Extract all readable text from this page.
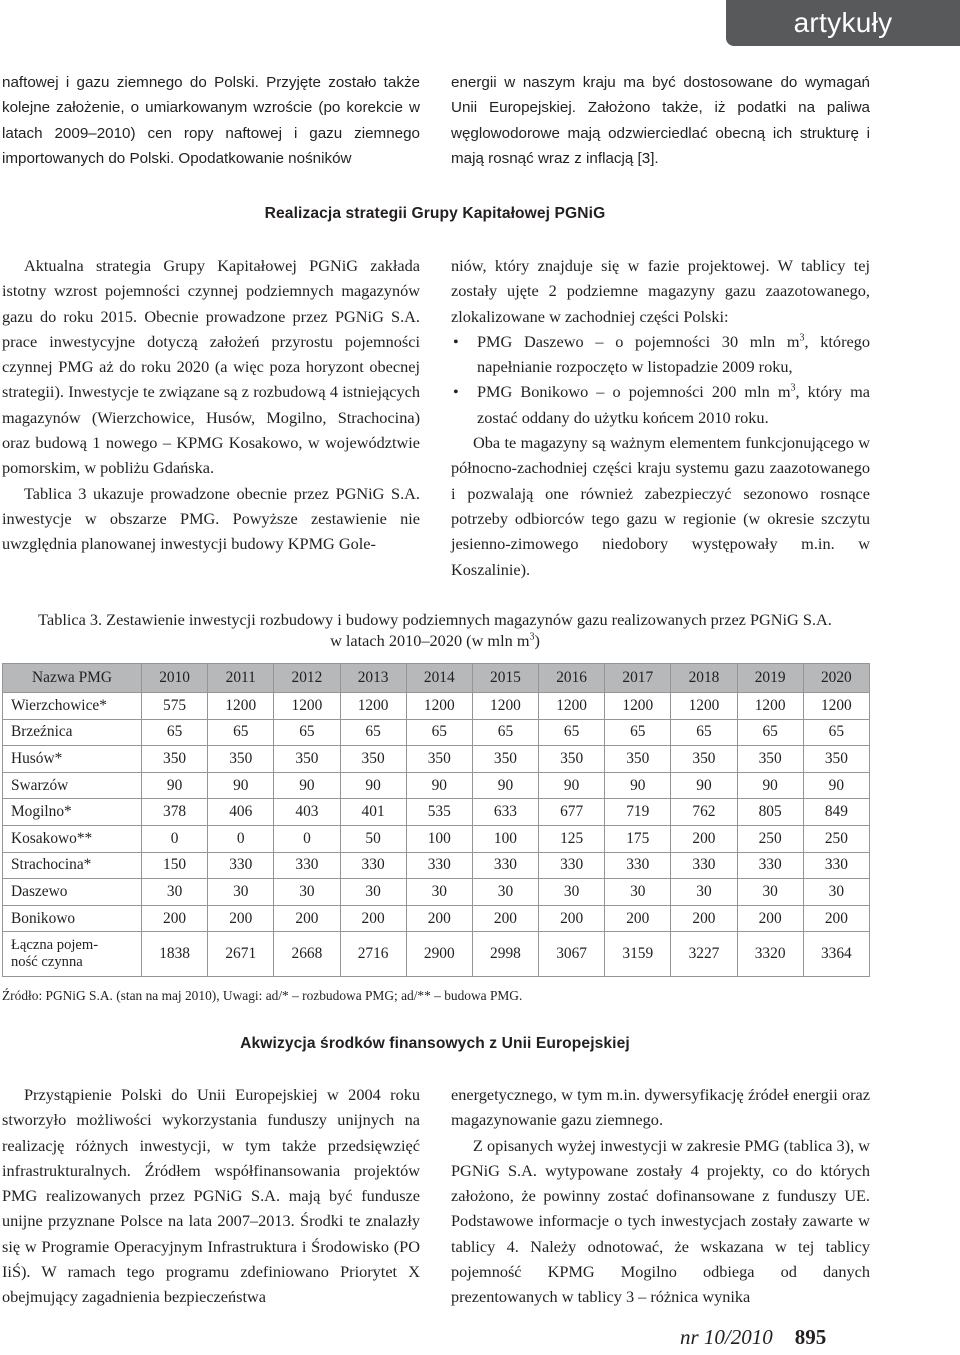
artykuły

naftowej i gazu ziemnego do Polski. Przyjęte zostało także kolejne założenie, o umiarkowanym wzroście (po korekcie w latach 2009–2010) cen ropy naftowej i gazu ziemnego importowanych do Polski. Opodatkowanie nośników

energii w naszym kraju ma być dostosowane do wymagań Unii Europejskiej. Założono także, iż podatki na paliwa węglowodorowe mają odzwierciedlać obecną ich strukturę i mają rosnąć wraz z inflacją [3].

Realizacja strategii Grupy Kapitałowej PGNiG

Aktualna strategia Grupy Kapitałowej PGNiG zakłada istotny wzrost pojemności czynnej podziemnych magazynów gazu do roku 2015. Obecnie prowadzone przez PGNiG S.A. prace inwestycyjne dotyczą założeń przyrostu pojemności czynnej PMG aż do roku 2020 (a więc poza horyzont obecnej strategii). Inwestycje te związane są z rozbudową 4 istniejących magazynów (Wierzchowice, Husów, Mogilno, Strachocina) oraz budową 1 nowego – KPMG Kosakowo, w województwie pomorskim, w pobliżu Gdańska.

Tablica 3 ukazuje prowadzone obecnie przez PGNiG S.A. inwestycje w obszarze PMG. Powyższe zestawienie nie uwzględnia planowanej inwestycji budowy KPMG Gole-

niów, który znajduje się w fazie projektowej. W tablicy tej zostały ujęte 2 podziemne magazyny gazu zaazotowanego, zlokalizowane w zachodniej części Polski:

• PMG Daszewo – o pojemności 30 mln $m^3$, którego napełnianie rozpoczęto w listopadzie 2009 roku,
• PMG Bonikowo – o pojemności 200 mln $m^3$, który ma zostać oddany do użytku końcem 2010 roku.

Oba te magazyny są ważnym elementem funkcjonującego w północno-zachodniej części kraju systemu gazu zaazotowanego i pozwalają one również zabezpieczyć sezonowo rosnące potrzeby odbiorców tego gazu w regionie (w okresie szczytu jesienno-zimowego niedobory występowały m.in. w Koszalinie).

Tablica 3. Zestawienie inwestycji rozbudowy i budowy podziemnych magazynów gazu realizowanych przez PGNiG S.A.
w latach 2010–2020 (w mln $m^3$)
Nazwa PMG	2010	2011	2012	2013	2014	2015	2016	2017	2018	2019	2020
Wierzchowice*	575	1200	1200	1200	1200	1200	1200	1200	1200	1200	1200
Brzeźnica	65	65	65	65	65	65	65	65	65	65	65
Husów*	350	350	350	350	350	350	350	350	350	350	350
Swarzów	90	90	90	90	90	90	90	90	90	90	90
Mogilno*	378	406	403	401	535	633	677	719	762	805	849
Kosakowo**	0	0	0	50	100	100	125	175	200	250	250
Strachocina*	150	330	330	330	330	330	330	330	330	330	330
Daszewo	30	30	30	30	30	30	30	30	30	30	30
Bonikowo	200	200	200	200	200	200	200	200	200	200	200

Łączna pojem-
ność czynna	1838	2671	2668	2716	2900	2998	3067	3159	3227	3320	3364

Źródło: PGNiG S.A. (stan na maj 2010), Uwagi: ad/* – rozbudowa PMG; ad/** – budowa PMG.

Akwizycja środków finansowych z Unii Europejskiej

Przystąpienie Polski do Unii Europejskiej w 2004 roku stworzyło możliwości wykorzystania funduszy unijnych na realizację różnych inwestycji, w tym także przedsięwzięć infrastrukturalnych. Źródłem współfinansowania projektów PMG realizowanych przez PGNiG S.A. mają być fundusze unijne przyznane Polsce na lata 2007–2013. Środki te znalazły się w Programie Operacyjnym Infrastruktura i Środowisko (PO IiŚ). W ramach tego programu zdefiniowano Priorytet X obejmujący zagadnienia bezpieczeństwa

energetycznego, w tym m.in. dywersyfikację źródeł energii oraz magazynowanie gazu ziemnego.

Z opisanych wyżej inwestycji w zakresie PMG (tablica 3), w PGNiG S.A. wytypowane zostały 4 projekty, co do których założono, że powinny zostać dofinansowane z funduszy UE. Podstawowe informacje o tych inwestycjach zostały zawarte w tablicy 4. Należy odnotować, że wskazana w tej tablicy pojemność KPMG Mogilno odbiega od danych prezentowanych w tablicy 3 – różnica wynika

nr 10/2010 895
